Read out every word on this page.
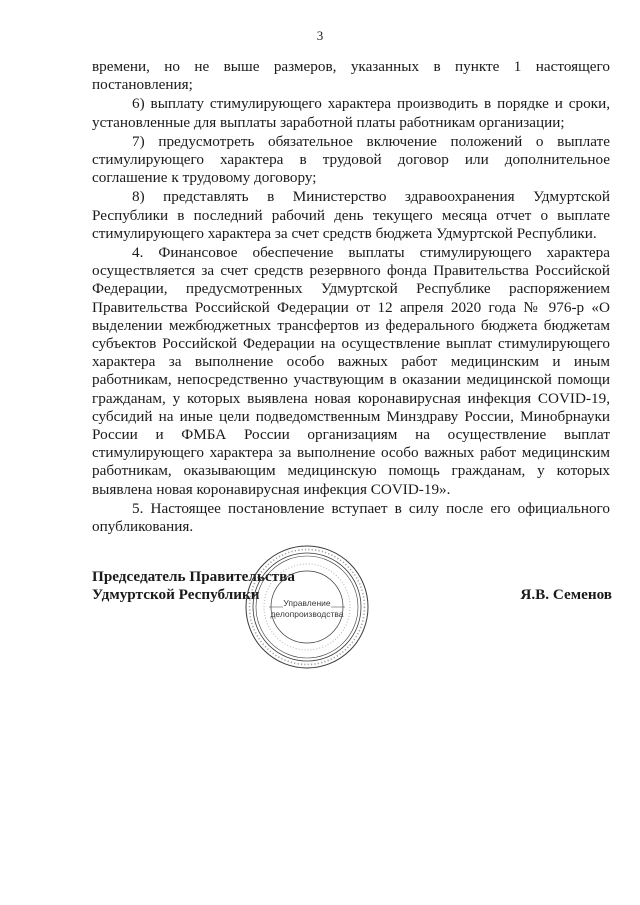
3

времени, но не выше размеров, указанных в пункте 1 настоящего постановления;

6) выплату стимулирующего характера производить в порядке и сроки, установленные для выплаты заработной платы работникам организации;

7) предусмотреть обязательное включение положений о выплате стимулирующего характера в трудовой договор или дополнительное соглашение к трудовому договору;

8) представлять в Министерство здравоохранения Удмуртской Республики в последний рабочий день текущего месяца отчет о выплате стимулирующего характера за счет средств бюджета Удмуртской Республики.

4. Финансовое обеспечение выплаты стимулирующего характера осуществляется за счет средств резервного фонда Правительства Российской Федерации, предусмотренных Удмуртской Республике распоряжением Правительства Российской Федерации от 12 апреля 2020 года № 976-р «О выделении межбюджетных трансфертов из федерального бюджета бюджетам субъектов Российской Федерации на осуществление выплат стимулирующего характера за выполнение особо важных работ медицинским и иным работникам, непосредственно участвующим в оказании медицинской помощи гражданам, у которых выявлена новая коронавирусная инфекция COVID-19, субсидий на иные цели подведомственным Минздраву России, Минобрнауки России и ФМБА России организациям на осуществление выплат стимулирующего характера за выполнение особо важных работ медицинским работникам, оказывающим медицинскую помощь гражданам, у которых выявлена новая коронавирусная инфекция COVID-19».

5. Настоящее постановление вступает в силу после его официального опубликования.

Председатель Правительства
Удмуртской Республики	Я.В. Семенов
Управление
делопроизводства
